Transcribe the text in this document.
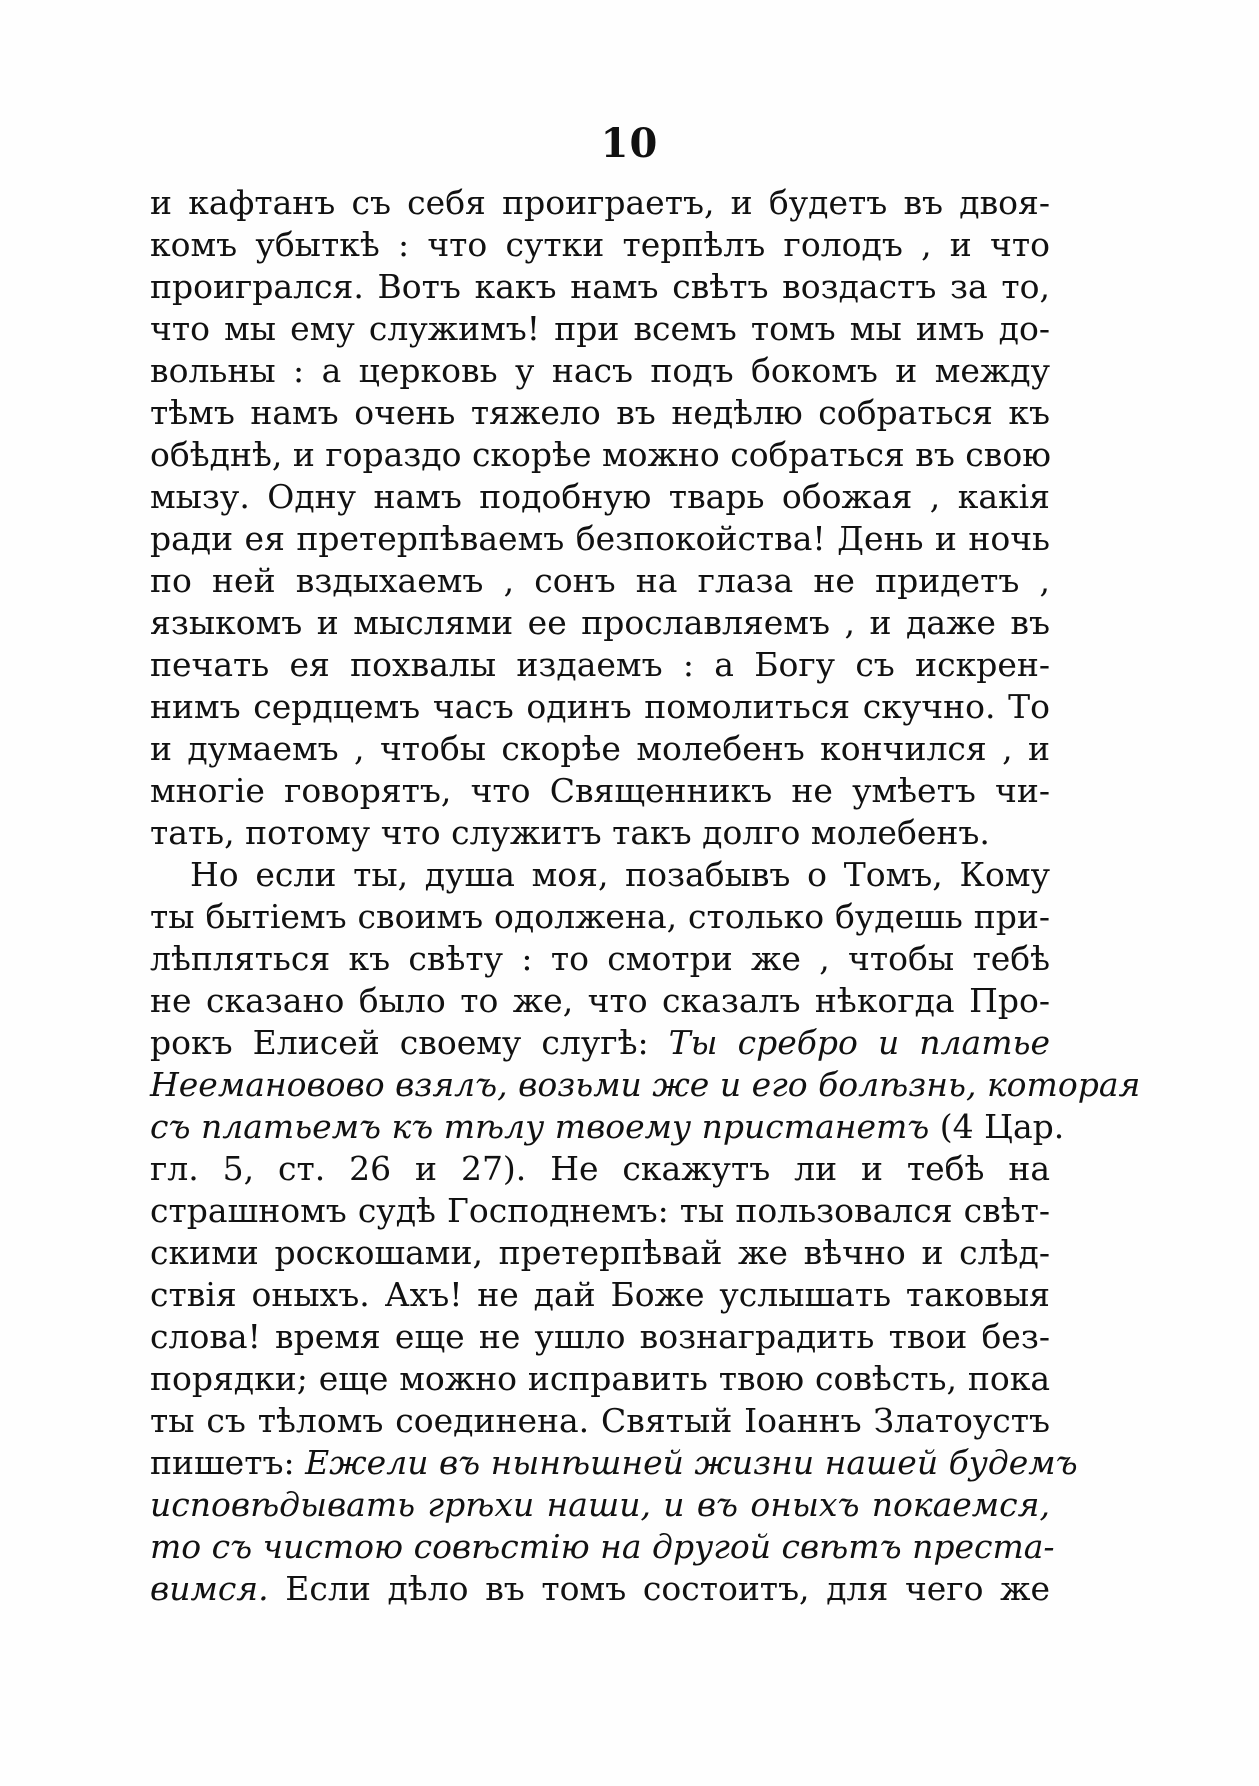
10
и кафтанъ съ себя проиграетъ, и будетъ въ двоя-
комъ убыткѣ : что сутки терпѣлъ голодъ , и что
проигрался. Вотъ какъ намъ свѣтъ воздастъ за то,
что мы ему служимъ! при всемъ томъ мы имъ до-
вольны : а церковь у насъ подъ бокомъ и между
тѣмъ намъ очень тяжело въ недѣлю собраться къ
обѣднѣ, и гораздо скорѣе можно собраться въ свою
мызу. Одну намъ подобную тварь обожая , какія
ради ея претерпѣваемъ безпокойства! День и ночь
по ней вздыхаемъ , сонъ на глаза не придетъ ,
языкомъ и мыслями ее прославляемъ , и даже въ
печать ея похвалы издаемъ : а Богу съ искрен-
нимъ сердцемъ часъ одинъ помолиться скучно. То
и думаемъ , чтобы скорѣе молебенъ кончился , и
многіе говорятъ, что Священникъ не умѣетъ чи-
тать, потому что служитъ такъ долго молебенъ.
Но если ты, душа моя, позабывъ о Томъ, Кому
ты бытіемъ своимъ одолжена, столько будешь при-
лѣпляться къ свѣту : то смотри же , чтобы тебѣ
не сказано было то же, что сказалъ нѣкогда Про-
рокъ Елисей своему слугѣ: Ты сребро и платье
Неемановово взялъ, возьми же и его болѣзнь, которая
съ платьемъ къ тѣлу твоему пристанетъ (4 Цар.
гл. 5, ст. 26 и 27). Не скажутъ ли и тебѣ на
страшномъ судѣ Господнемъ: ты пользовался свѣт-
скими роскошами, претерпѣвай же вѣчно и слѣд-
ствія оныхъ. Ахъ! не дай Боже услышать таковыя
слова! время еще не ушло вознаградить твои без-
порядки; еще можно исправить твою совѣсть, пока
ты съ тѣломъ соединена. Святый Іоаннъ Златоустъ
пишетъ: Ежели въ нынѣшней жизни нашей будемъ
исповѣдывать грѣхи наши, и въ оныхъ покаемся,
то съ чистою совѣстію на другой свѣтъ преста-
вимся. Если дѣло въ томъ состоитъ, для чего же
